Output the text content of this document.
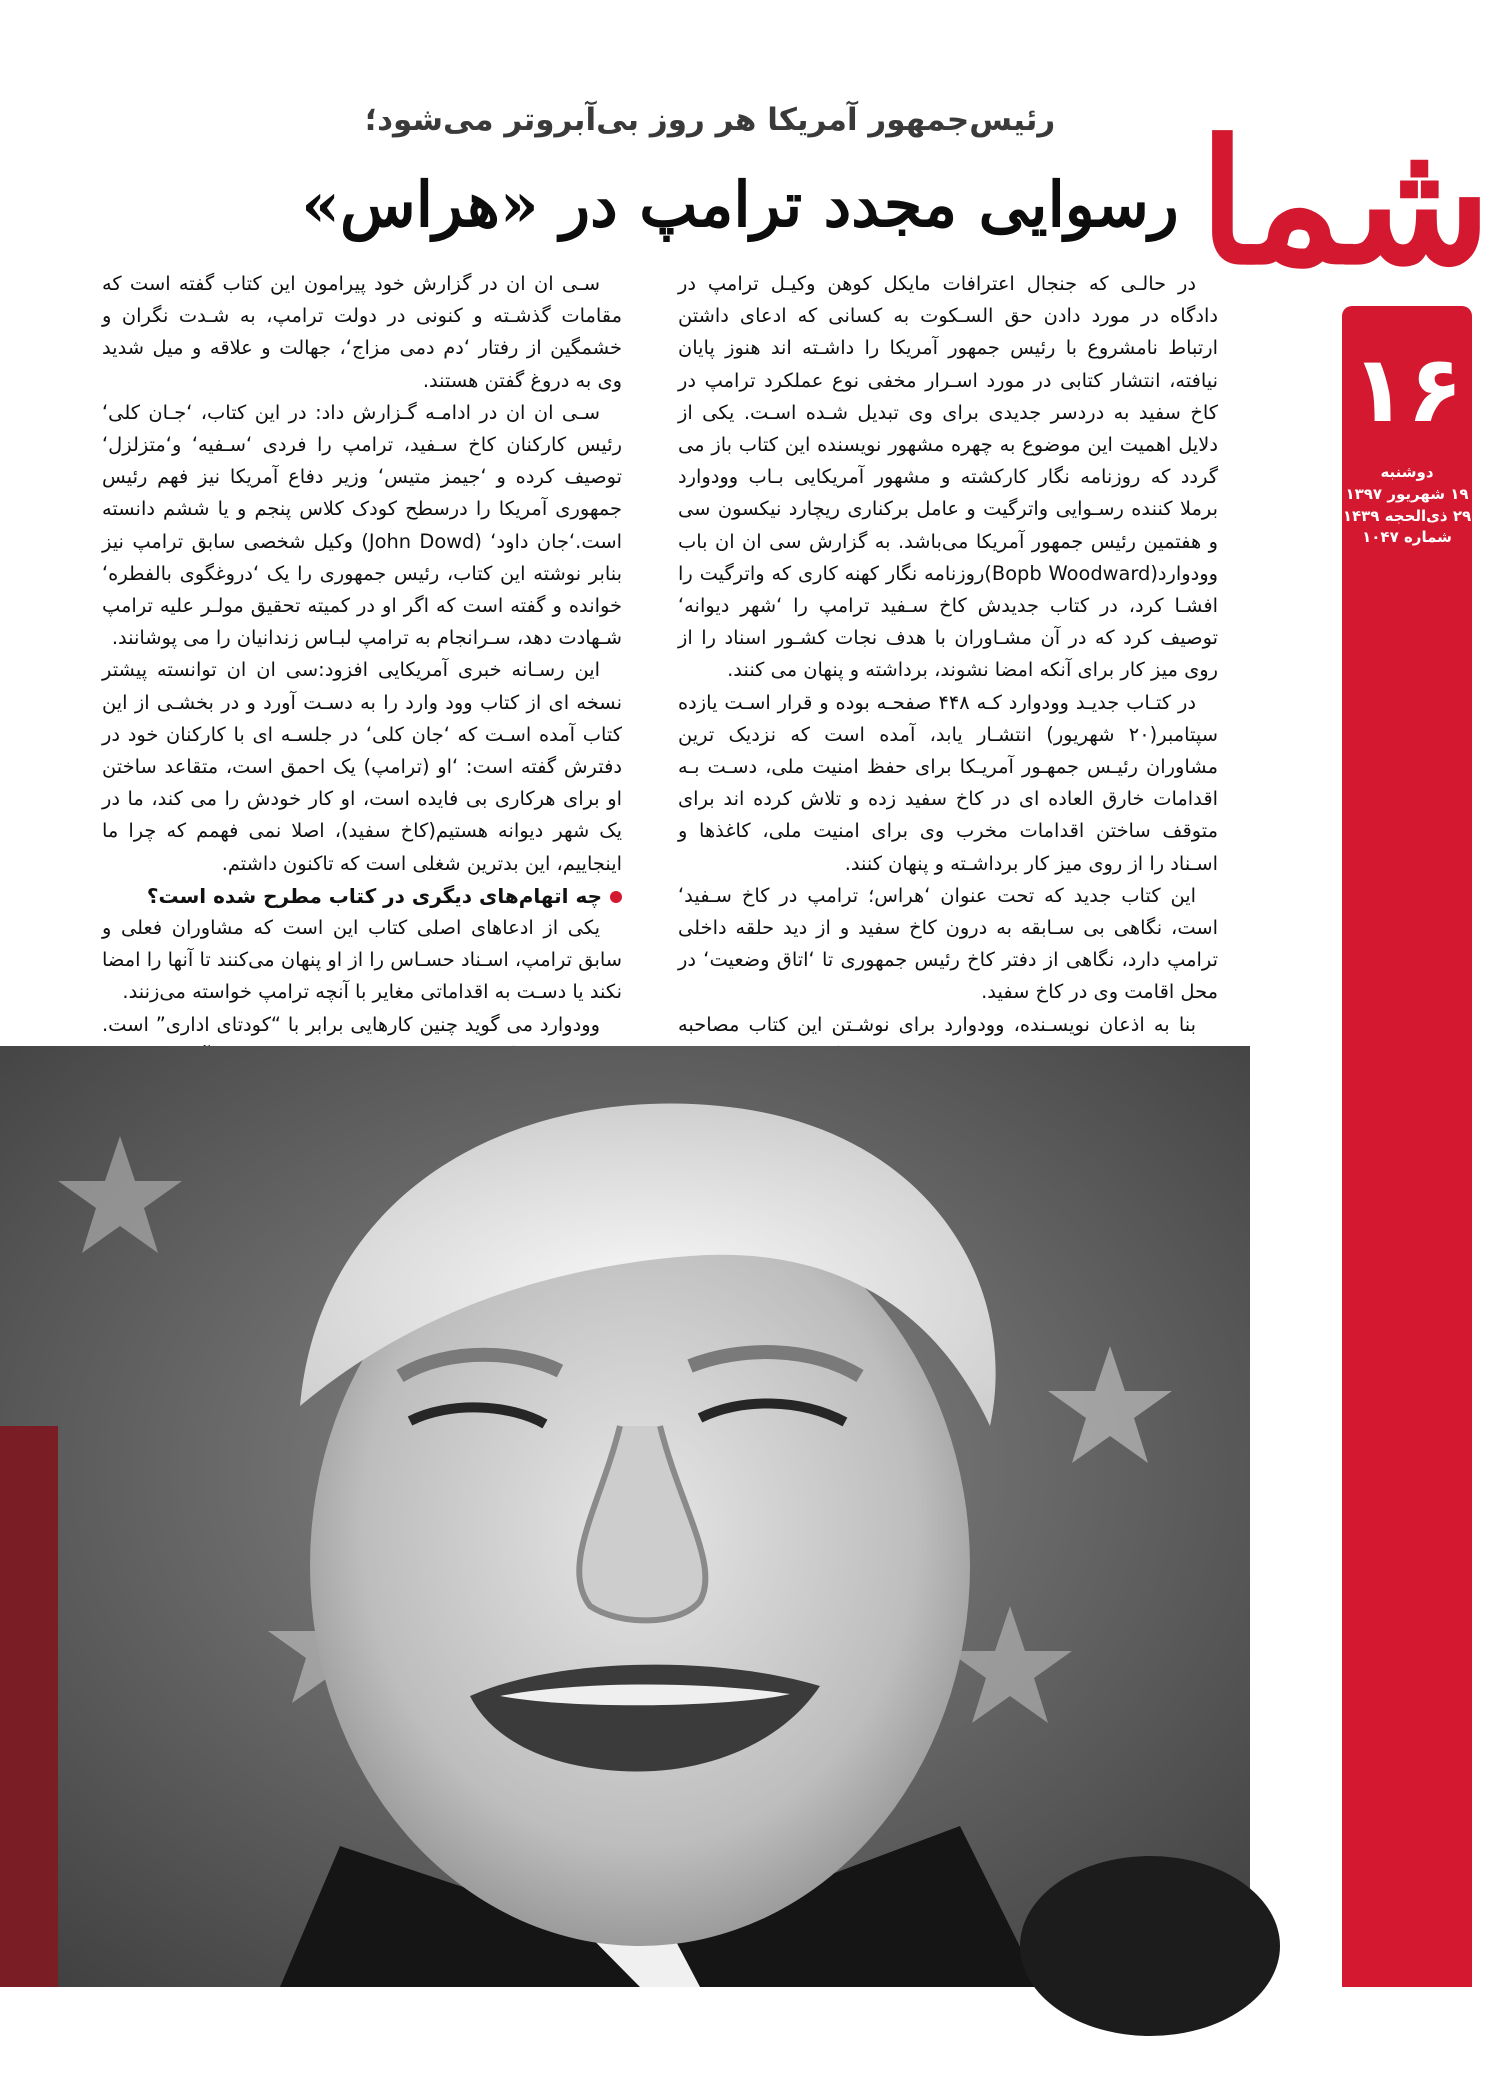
شما
۱۶
دوشنبه
۱۹ شهریور ۱۳۹۷
۲۹ ذی‌الحجه ۱۴۳۹
شماره ۱۰۴۷
رئیس‌جمهور آمریکا هر روز بی‌آبروتر می‌شود؛
رسوایی مجدد ترامپ در «هراس»

در حالـی که جنجال اعترافات مایکل کوهن وکیـل ترامپ در دادگاه در مورد دادن حق السـکوت به کسانی که ادعای داشتن ارتباط نامشروع با رئیس جمهور آمریکا را داشـته اند هنوز پایان نیافته، انتشار کتابی در مورد اسـرار مخفی نوع عملکرد ترامپ در کاخ سفید به دردسر جدیدی برای وی تبدیل شـده اسـت. یکی از دلایل اهمیت این موضوع به چهره مشهور نویسنده این کتاب باز می گردد که روزنامه نگار کارکشته و مشهور آمریکایی بـاب وودوارد برملا کننده رسـوایی واترگیت و عامل برکناری ریچارد نیکسون سی و هفتمین رئیس جمهور آمریکا می‌باشد. به گزارش سی ان ان باب وودوارد(Bopb Woodward)روزنامه نگار کهنه کاری که واترگیت را افشـا کرد، در کتاب جدیدش کاخ سـفید ترامپ را ‘شهر دیوانه‘ توصیف کرد که در آن مشـاوران با هدف نجات کشـور اسناد را از روی میز کار برای آنکه امضا نشوند، برداشته و پنهان می کنند.

در کتـاب جدیـد وودوارد کـه ۴۴۸ صفحـه بوده و قرار اسـت یازده سپتامبر(۲۰ شهریور) انتشـار یابد، آمده است که نزدیک ترین مشاوران رئیـس جمهـور آمریـکا برای حفظ امنیت ملی، دسـت بـه اقدامات خارق العاده ای در کاخ سفید زده و تلاش کرده اند برای متوقف ساختن اقدامات مخرب وی برای امنیت ملی، کاغذها و اسـناد را از روی میز کار برداشـته و پنهان کنند.

این کتاب جدید که تحت عنوان ‘هراس؛ ترامپ در کاخ سـفید‘ است، نگاهی بی سـابقه به درون کاخ سفید و از دید حلقه داخلی ترامپ دارد، نگاهی از دفتر کاخ رئیس جمهوری تا ‘اتاق وضعیت‘ در محل اقامت وی در کاخ سفید.

بنا به اذعان نویسـنده، وودوارد برای نوشـتن این کتاب مصاحبه

سـی ان ان در گزارش خود پیرامون این کتاب گفته است که مقامات گذشـته و کنونی در دولت ترامپ، به شـدت نگران و خشمگین از رفتار ‘دم دمی مزاج‘، جهالت و علاقه و میل شدید وی به دروغ گفتن هستند.

سـی ان ان در ادامـه گـزارش داد: در این کتاب، ‘جـان کلی‘ رئیس کارکنان کاخ سـفید، ترامپ را فردی ‘سـفیه‘ و‘متزلزل‘ توصیف کرده و ‘جیمز متیس‘ وزیر دفاع آمریکا نیز فهم رئیس جمهوری آمریکا را درسطح کودک کلاس پنجم و یا ششم دانسته است.‘جان داود‘ (John Dowd) وکیل شخصی سابق ترامپ نیز بنابر نوشته این کتاب، رئیس جمهوری را یک ‘دروغگوی بالفطره‘ خوانده و گفته است که اگر او در کمیته تحقیق مولـر علیه ترامپ شـهادت دهد، سـرانجام به ترامپ لبـاس زندانیان را می پوشانند.

این رسـانه خبری آمریکایی افزود:سی ان ان توانسته پیشتر نسخه ای از کتاب وود وارد را به دسـت آورد و در بخشـی از این کتاب آمده اسـت که ‘جان کلی‘ در جلسـه ای با کارکنان خود در دفترش گفته است: ‘او (ترامپ) یک احمق است، متقاعد ساختن او برای هرکاری بی فایده است، او کار خودش را می کند، ما در یک شهر دیوانه هستیم(کاخ سفید)، اصلا نمی فهمم که چرا ما اینجاییم، این بدترین شغلی است که تاکنون داشتم.

چه اتهام‌های دیگری در کتاب مطرح شده است؟

یکی از ادعاهای اصلی کتاب این است که مشاوران فعلی و سابق ترامپ، اسـناد حسـاس را از او پنهان می‌کنند تا آنها را امضا نکند یا دسـت به اقداماتی مغایر با آنچه ترامپ خواسته می‌زنند.

وودوارد می گوید چنین کارهایی برابر با “کودتای اداری” است.
